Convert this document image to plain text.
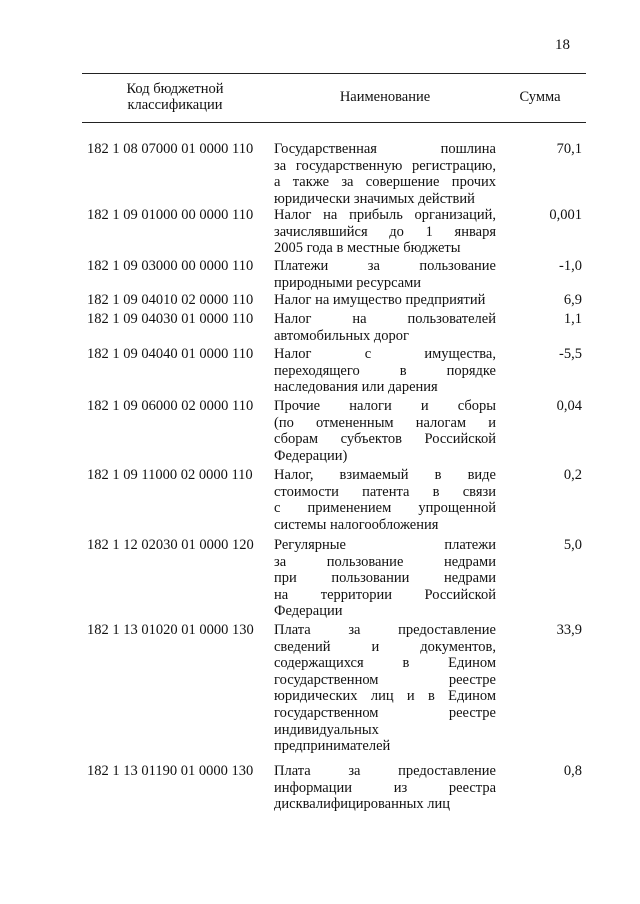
18
Код бюджетной
классификации	Наименование	Сумма
182 1 08 07000 01 0000 110	Государственная пошлина
за государственную регистрацию,
а также за совершение прочих
юридически значимых действий
70,1
182 1 09 01000 00 0000 110	Налог на прибыль организаций,
зачислявшийся до 1 января
2005 года в местные бюджеты
0,001
182 1 09 03000 00 0000 110	Платежи за пользование
природными ресурсами
-1,0
182 1 09 04010 02 0000 110	Налог на имущество предприятий	6,9
182 1 09 04030 01 0000 110	Налог на пользователей
автомобильных дорог
1,1
182 1 09 04040 01 0000 110	Налог с имущества,
переходящего в порядке
наследования или дарения
-5,5
182 1 09 06000 02 0000 110	Прочие налоги и сборы
(по отмененным налогам и
сборам субъектов Российской
Федерации)
0,04
182 1 09 11000 02 0000 110	Налог, взимаемый в виде
стоимости патента в связи
с применением упрощенной
системы налогообложения
0,2
182 1 12 02030 01 0000 120	Регулярные платежи
за пользование недрами
при пользовании недрами
на территории Российской
Федерации
5,0
182 1 13 01020 01 0000 130	Плата за предоставление
сведений и документов,
содержащихся в Едином
государственном реестре
юридических лиц и в Едином
государственном реестре
индивидуальных
предпринимателей
33,9
182 1 13 01190 01 0000 130	Плата за предоставление
информации из реестра
дисквалифицированных лиц
0,8
